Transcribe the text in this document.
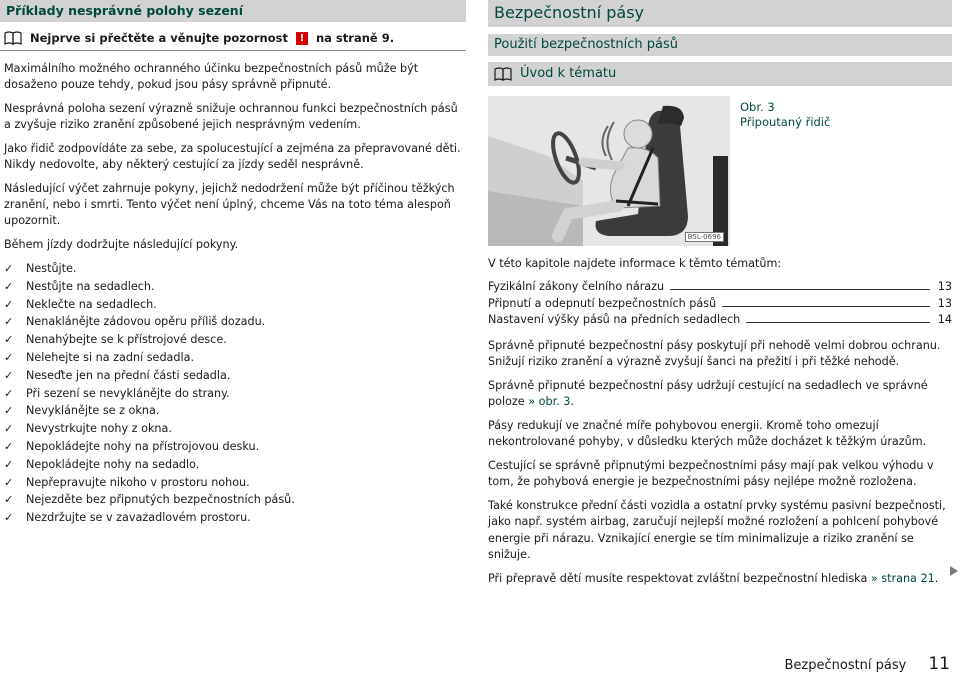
Příklady nesprávné polohy sezení
Nejprve si přečtěte a věnujte pozornost	!	na straně 9.

Maximálního možného ochranného účinku bezpečnostních pásů může být dosaženo pouze tehdy, pokud jsou pásy správně připnuté.

Nesprávná poloha sezení výrazně snižuje ochrannou funkci bezpečnostních pásů a zvyšuje riziko zranění způsobené jejich nesprávným vedením.

Jako řidič zodpovídáte za sebe, za spolucestující a zejména za přepravované děti. Nikdy nedovolte, aby některý cestující za jízdy seděl nesprávně.

Následující výčet zahrnuje pokyny, jejichž nedodržení může být příčinou těžkých zranění, nebo i smrti. Tento výčet není úplný, chceme Vás na toto téma alespoň upozornit.

Během jízdy dodržujte následující pokyny.

✓	Nestůjte.
✓	Nestůjte na sedadlech.
✓	Neklečte na sedadlech.
✓	Nenaklánějte zádovou opěru příliš dozadu.
✓	Nenahýbejte se k přístrojové desce.
✓	Nelehejte si na zadní sedadla.
✓	Neseďte jen na přední části sedadla.
✓	Při sezení se nevyklánějte do strany.
✓	Nevyklánějte se z okna.
✓	Nevystrkujte nohy z okna.
✓	Nepokládejte nohy na přístrojovou desku.
✓	Nepokládejte nohy na sedadlo.
✓	Nepřepravujte nikoho v prostoru nohou.
✓	Nejezděte bez připnutých bezpečnostních pásů.
✓	Nezdržujte se v zavazadlovém prostoru.
Bezpečnostní pásy
Použití bezpečnostních pásů
Úvod k tématu
B5L-0696
Obr. 3
Připoutaný řidič

V této kapitole najdete informace k těmto tématům:

Fyzikální zákony čelního nárazu	13
Připnutí a odepnutí bezpečnostních pásů	13
Nastavení výšky pásů na předních sedadlech	14

Správně připnuté bezpečnostní pásy poskytují při nehodě velmi dobrou ochranu. Snižují riziko zranění a výrazně zvyšují šanci na přežití i při těžké nehodě.

Správně připnuté bezpečnostní pásy udržují cestující na sedadlech ve správné poloze » obr. 3.

Pásy redukují ve značné míře pohybovou energii. Kromě toho omezují nekontrolované pohyby, v důsledku kterých může docházet k těžkým úrazům.

Cestující se správně připnutými bezpečnostními pásy mají pak velkou výhodu v tom, že pohybová energie je bezpečnostními pásy nejlépe možně rozložena.

Také konstrukce přední části vozidla a ostatní prvky systému pasivní bezpečnosti, jako např. systém airbag, zaručují nejlepší možné rozložení a pohlcení pohybové energie při nárazu. Vznikající energie se tím minimalizuje a riziko zranění se snižuje.

Při přepravě dětí musíte respektovat zvláštní bezpečnostní hlediska » strana 21.

Bezpečnostní pásy 11
